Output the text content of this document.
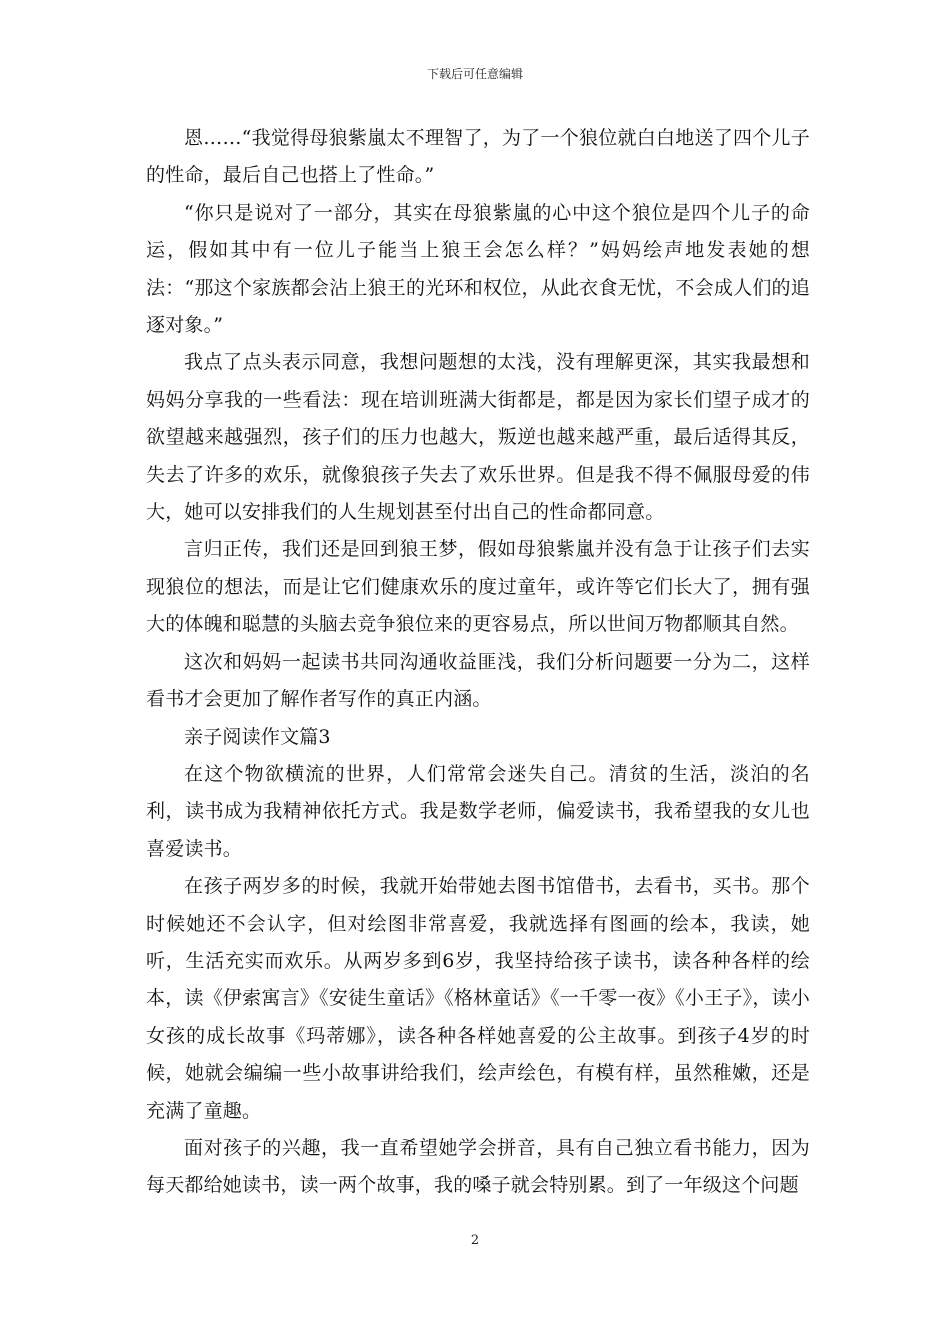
下载后可任意编辑

恩……“我觉得母狼紫嵐太不理智了，为了一个狼位就白白地送了四个儿子的性命，最后自己也搭上了性命。”

“你只是说对了一部分，其实在母狼紫嵐的心中这个狼位是四个儿子的命运，假如其中有一位儿子能当上狼王会怎么样？”妈妈绘声地发表她的想法：“那这个家族都会沾上狼王的光环和权位，从此衣食无忧，不会成人们的追逐对象。”

我点了点头表示同意，我想问题想的太浅，没有理解更深，其实我最想和妈妈分享我的一些看法：现在培训班满大街都是，都是因为家长们望子成才的欲望越来越强烈，孩子们的压力也越大，叛逆也越来越严重，最后适得其反，失去了许多的欢乐，就像狼孩子失去了欢乐世界。但是我不得不佩服母爱的伟大，她可以安排我们的人生规划甚至付出自己的性命都同意。

言归正传，我们还是回到狼王梦，假如母狼紫嵐并没有急于让孩子们去实现狼位的想法，而是让它们健康欢乐的度过童年，或许等它们长大了，拥有强大的体魄和聪慧的头脑去竞争狼位来的更容易点，所以世间万物都顺其自然。

这次和妈妈一起读书共同沟通收益匪浅，我们分析问题要一分为二，这样看书才会更加了解作者写作的真正内涵。

亲子阅读作文篇3

在这个物欲横流的世界，人们常常会迷失自己。清贫的生活，淡泊的名利，读书成为我精神依托方式。我是数学老师，偏爱读书，我希望我的女儿也喜爱读书。

在孩子两岁多的时候，我就开始带她去图书馆借书，去看书，买书。那个时候她还不会认字，但对绘图非常喜爱，我就选择有图画的绘本，我读，她听，生活充实而欢乐。从两岁多到6岁，我坚持给孩子读书，读各种各样的绘本，读《伊索寓言》《安徒生童话》《格林童话》《一千零一夜》《小王子》，读小女孩的成长故事《玛蒂娜》，读各种各样她喜爱的公主故事。到孩子4岁的时候，她就会编编一些小故事讲给我们，绘声绘色，有模有样，虽然稚嫩，还是充满了童趣。

面对孩子的兴趣，我一直希望她学会拼音，具有自己独立看书能力，因为每天都给她读书，读一两个故事，我的嗓子就会特别累。到了一年级这个问题

2
